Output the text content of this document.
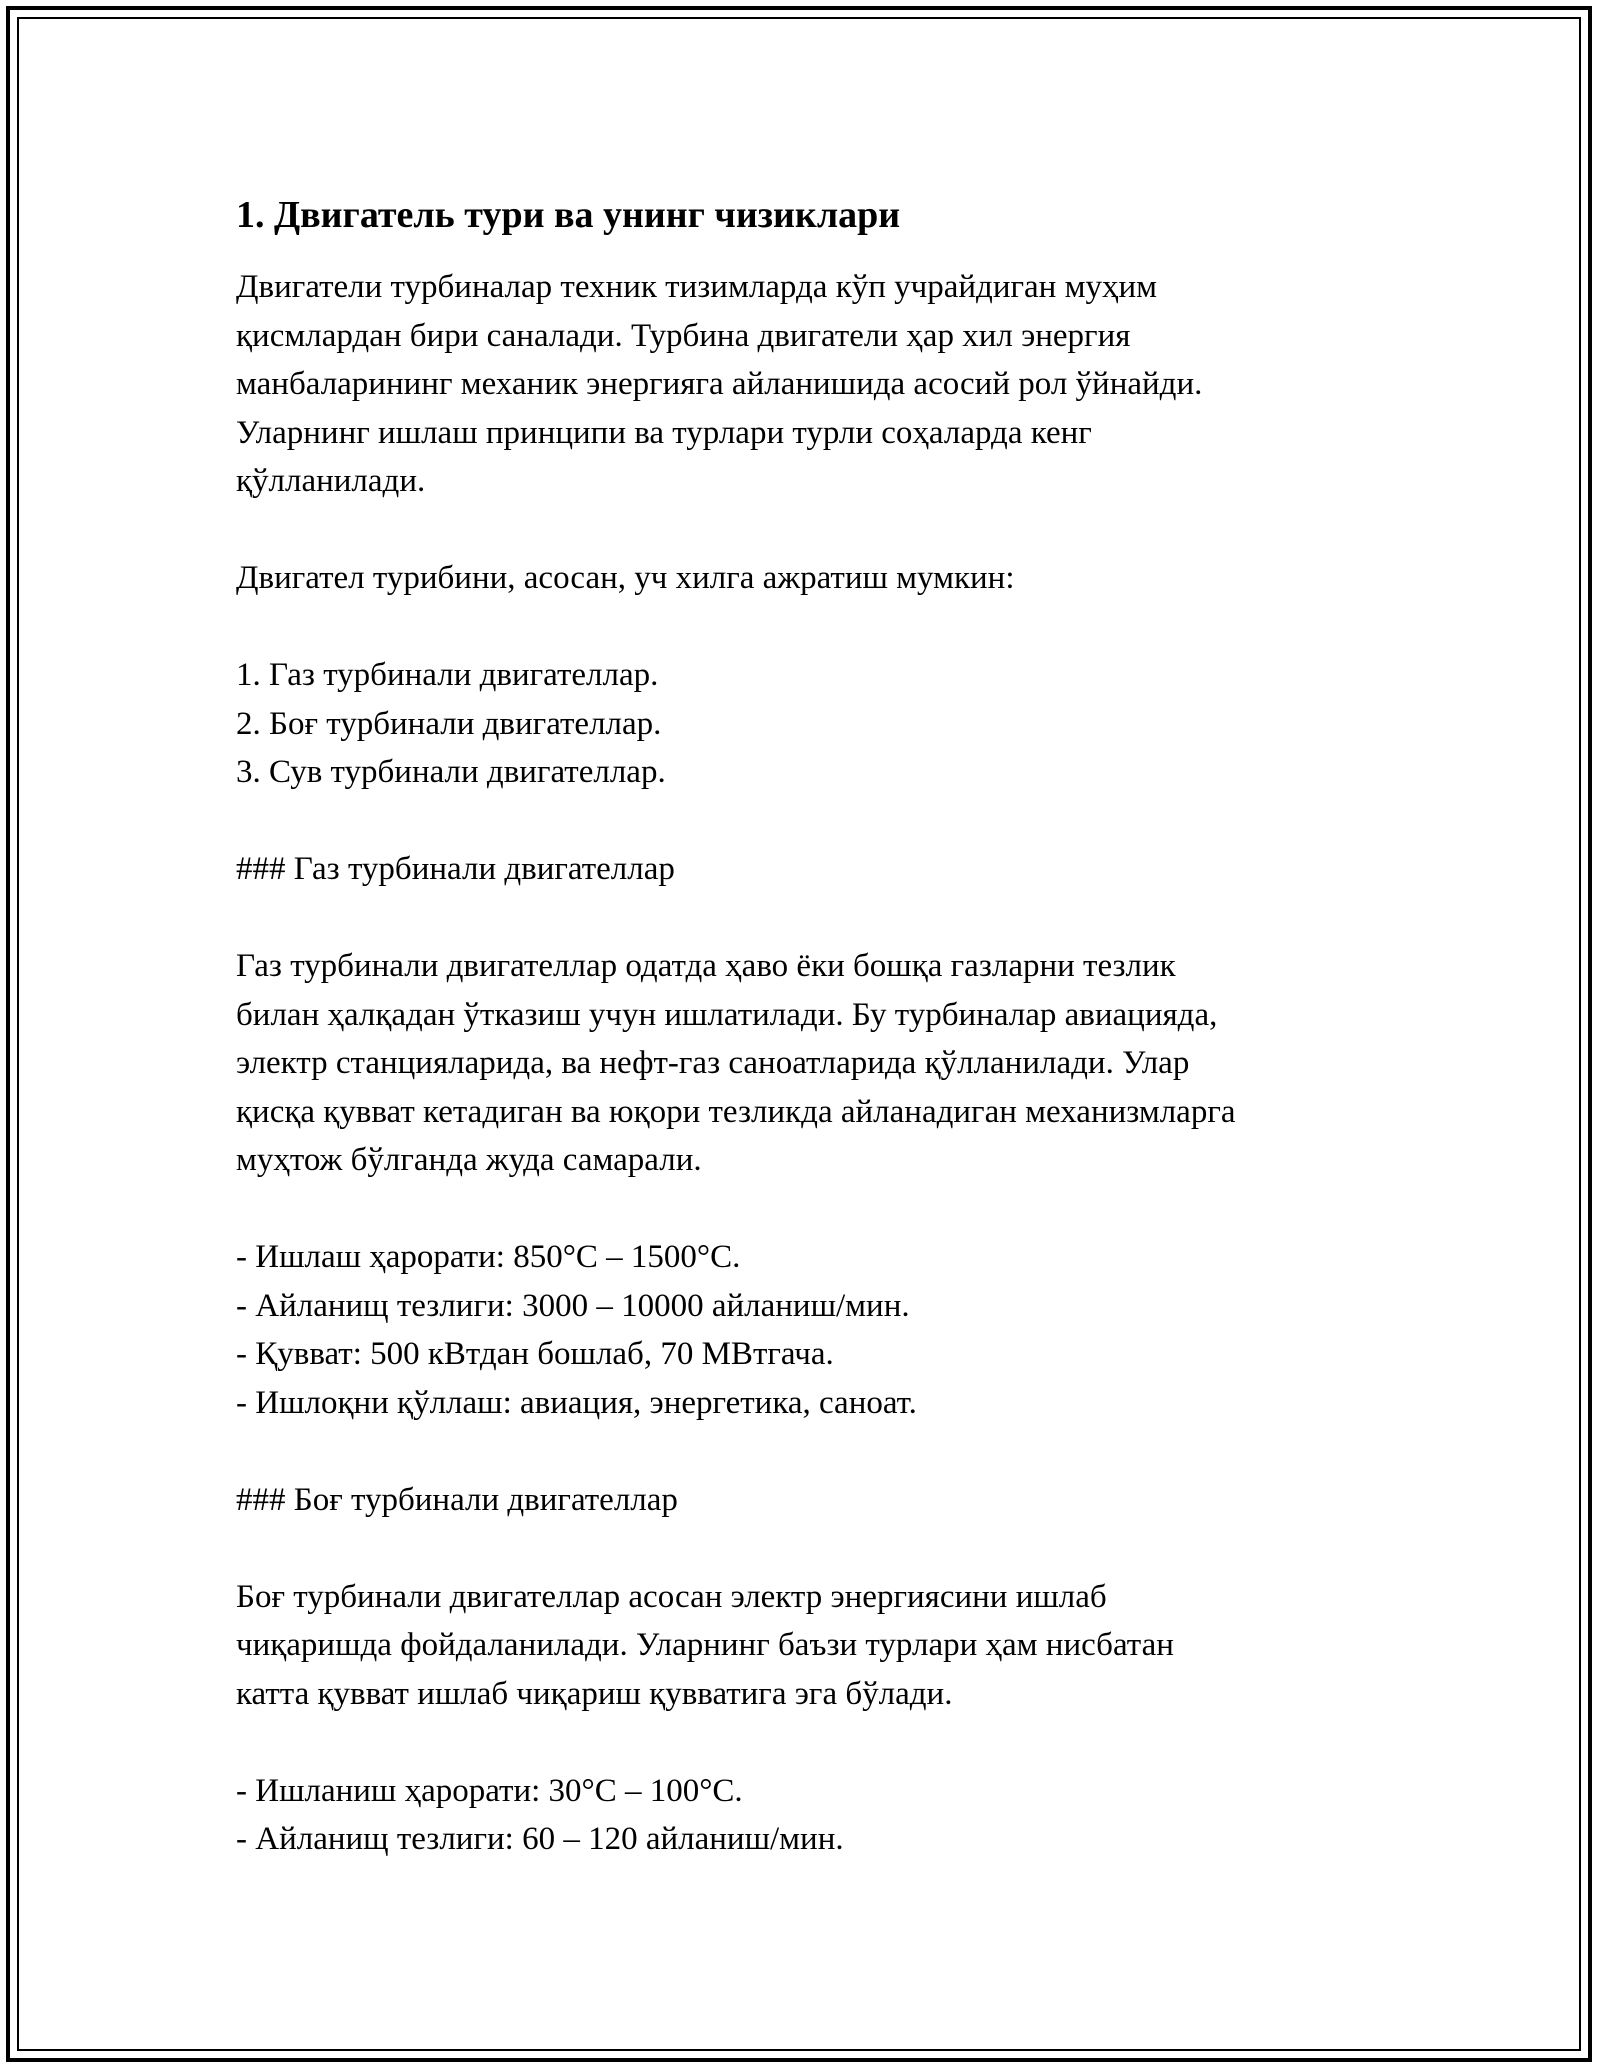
1. Двигатель тури ва унинг чизиклари

Двигатели турбиналар техник тизимларда кўп учрайдиган муҳим
қисмлардан бири саналади. Турбина двигатели ҳар хил энергия
манбаларининг механик энергияга айланишида асосий рол ўйнайди.
Уларнинг ишлаш принципи ва турлари турли соҳаларда кенг
қўлланилади.

Двигател турибини, асосан, уч хилга ажратиш мумкин:

1. Газ турбинали двигателлар.
2. Боғ турбинали двигателлар.
3. Сув турбинали двигателлар.

### Газ турбинали двигателлар

Газ турбинали двигателлар одатда ҳаво ёки бошқа газларни тезлик
билан ҳалқадан ўтказиш учун ишлатилади. Бу турбиналар авиацияда,
электр станцияларида, ва нефт-газ саноатларида қўлланилади. Улар
қисқа қувват кетадиган ва юқори тезликда айланадиган механизмларга
муҳтож бўлганда жуда самарали.

- Ишлаш ҳарорати: 850°C – 1500°C.
- Айланищ тезлиги: 3000 – 10000 айланиш/мин.
- Қувват: 500 кВтдан бошлаб, 70 МВтгача.
- Ишлоқни қўллаш: авиация, энергетика, саноат.

### Боғ турбинали двигателлар

Боғ турбинали двигателлар асосан электр энергиясини ишлаб
чиқаришда фойдаланилади. Уларнинг баъзи турлари ҳам нисбатан
катта қувват ишлаб чиқариш қувватига эга бўлади.

- Ишланиш ҳарорати: 30°C – 100°C.
- Айланищ тезлиги: 60 – 120 айланиш/мин.
